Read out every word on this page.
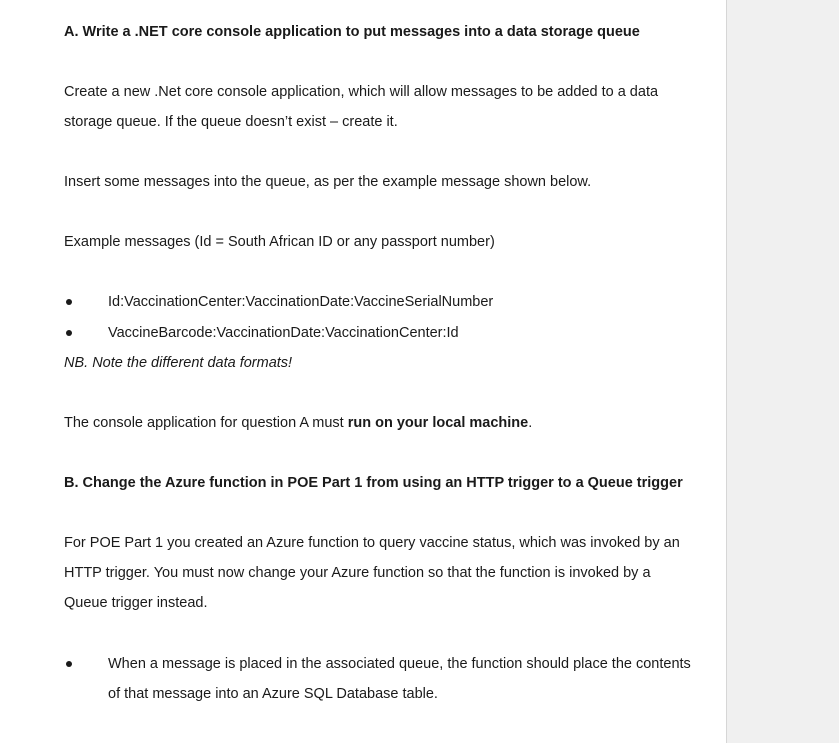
A. Write a .NET core console application to put messages into a data storage queue
Create a new .Net core console application, which will allow messages to be added to a data
storage queue. If the queue doesn’t exist – create it.
Insert some messages into the queue, as per the example message shown below.
Example messages (Id = South African ID or any passport number)
Id:VaccinationCenter:VaccinationDate:VaccineSerialNumber
VaccineBarcode:VaccinationDate:VaccinationCenter:Id
NB. Note the different data formats!
The console application for question A must run on your local machine.
B. Change the Azure function in POE Part 1 from using an HTTP trigger to a Queue trigger
For POE Part 1 you created an Azure function to query vaccine status, which was invoked by an
HTTP trigger. You must now change your Azure function so that the function is invoked by a
Queue trigger instead.
When a message is placed in the associated queue, the function should place the contents
of that message into an Azure SQL Database table.
